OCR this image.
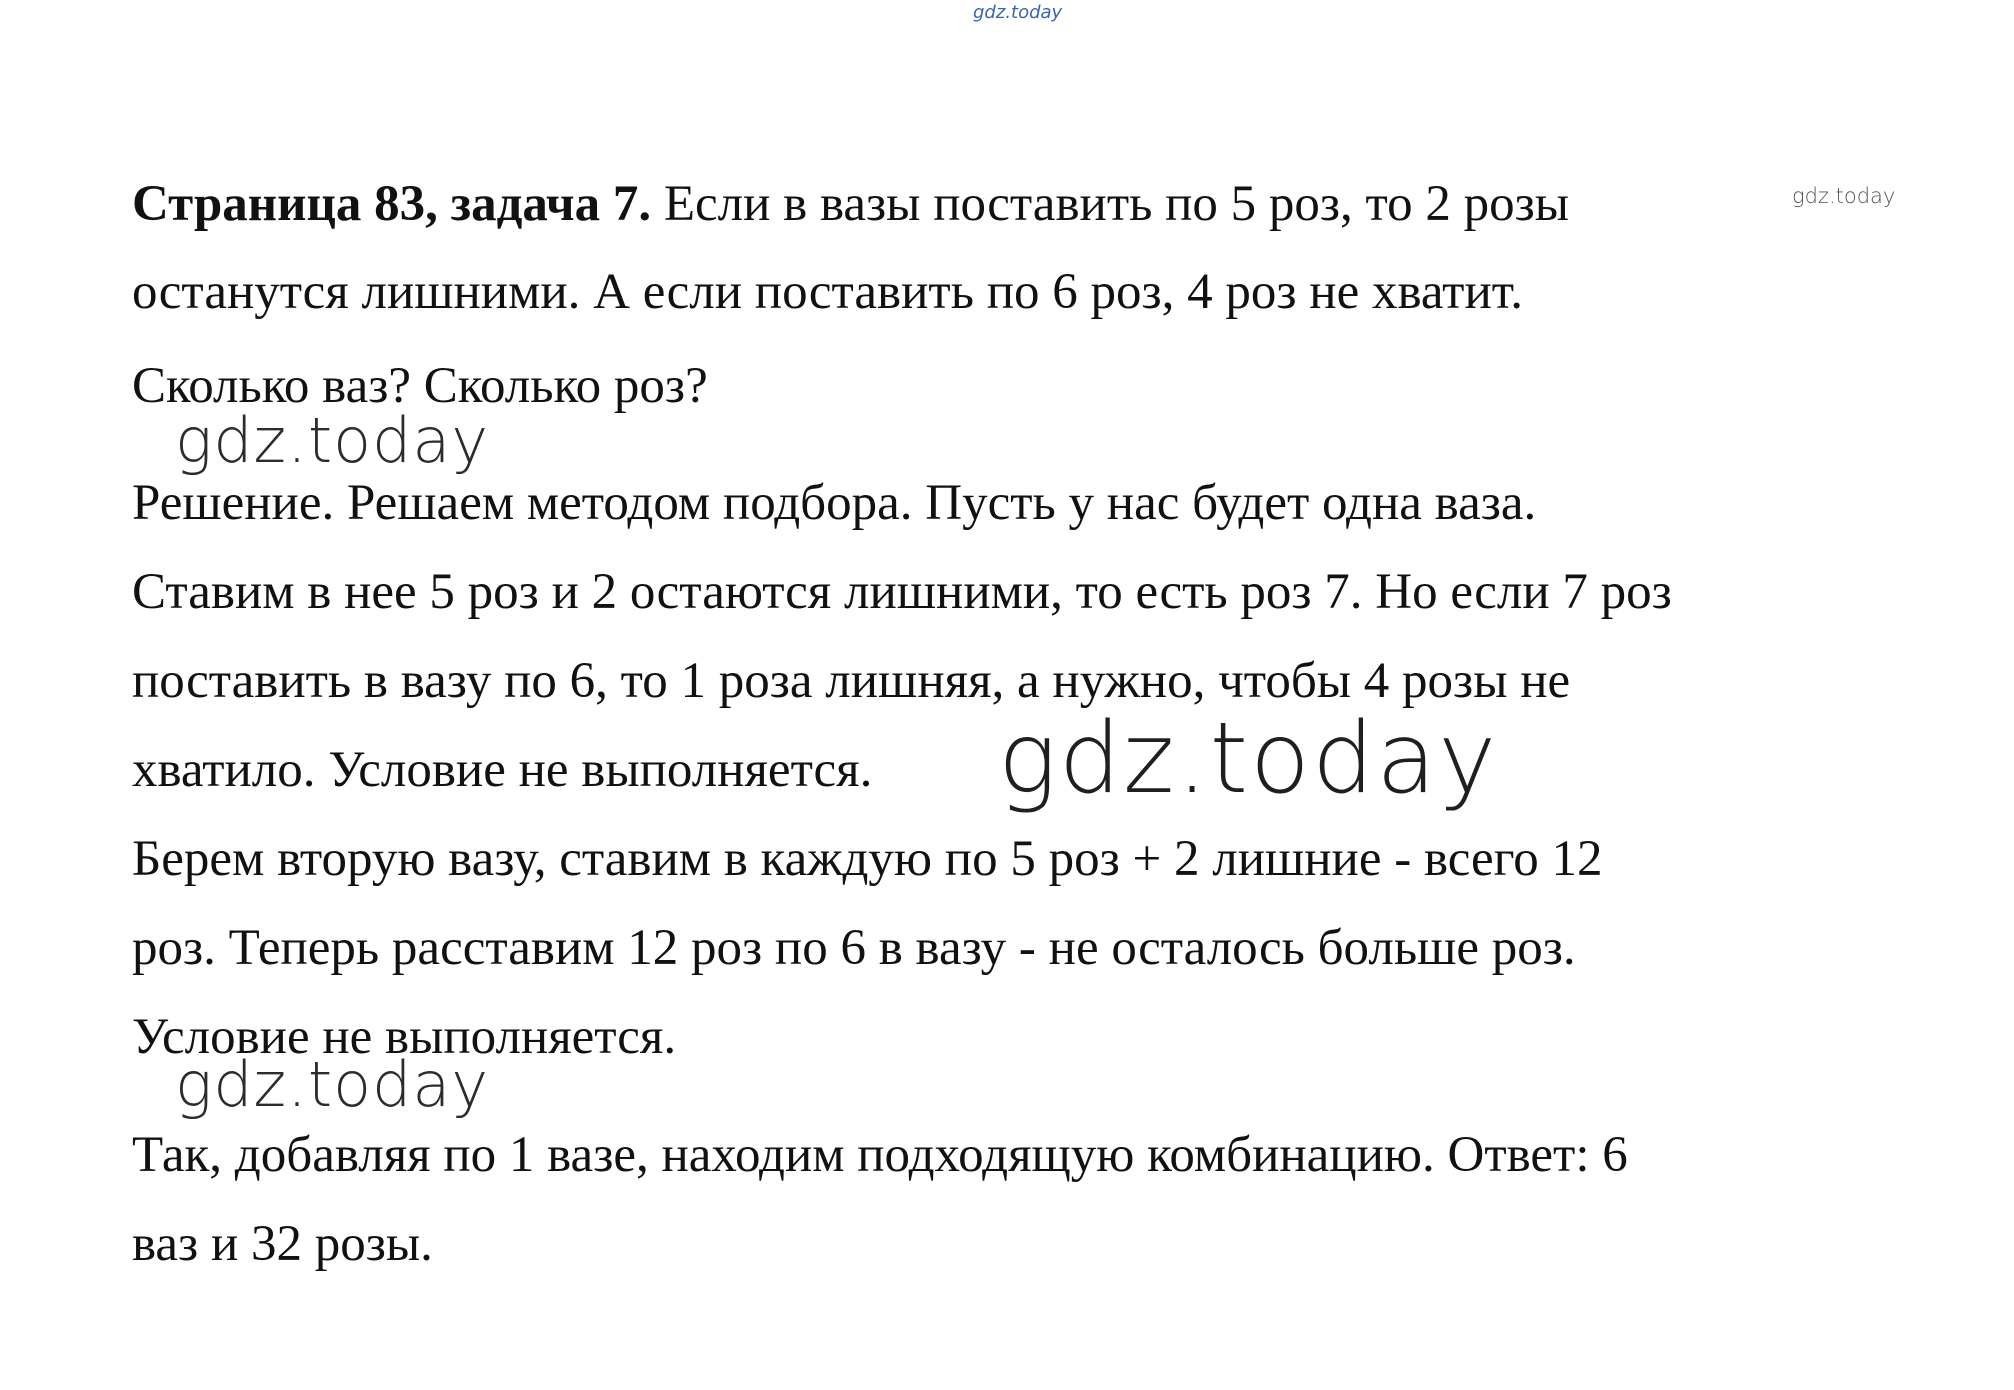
gdz.today
Страница 83, задача 7. Если в вазы поставить по 5 роз, то 2 розы	gdz.today
останутся лишними. А если поставить по 6 роз, 4 роз не хватит.
Сколько ваз? Сколько роз?
gdz.today
Решение. Решаем методом подбора. Пусть у нас будет одна ваза.
Ставим в нее 5 роз и 2 остаются лишними, то есть роз 7. Но если 7 роз
поставить в вазу по 6, то 1 роза лишняя, а нужно, чтобы 4 розы не
хватило. Условие не выполняется. gdz.today
Берем вторую вазу, ставим в каждую по 5 роз + 2 лишние - всего 12
роз. Теперь расставим 12 роз по 6 в вазу - не осталось больше роз.
Условие не выполняется.
gdz.today
Так, добавляя по 1 вазе, находим подходящую комбинацию. Ответ: 6
ваз и 32 розы.
